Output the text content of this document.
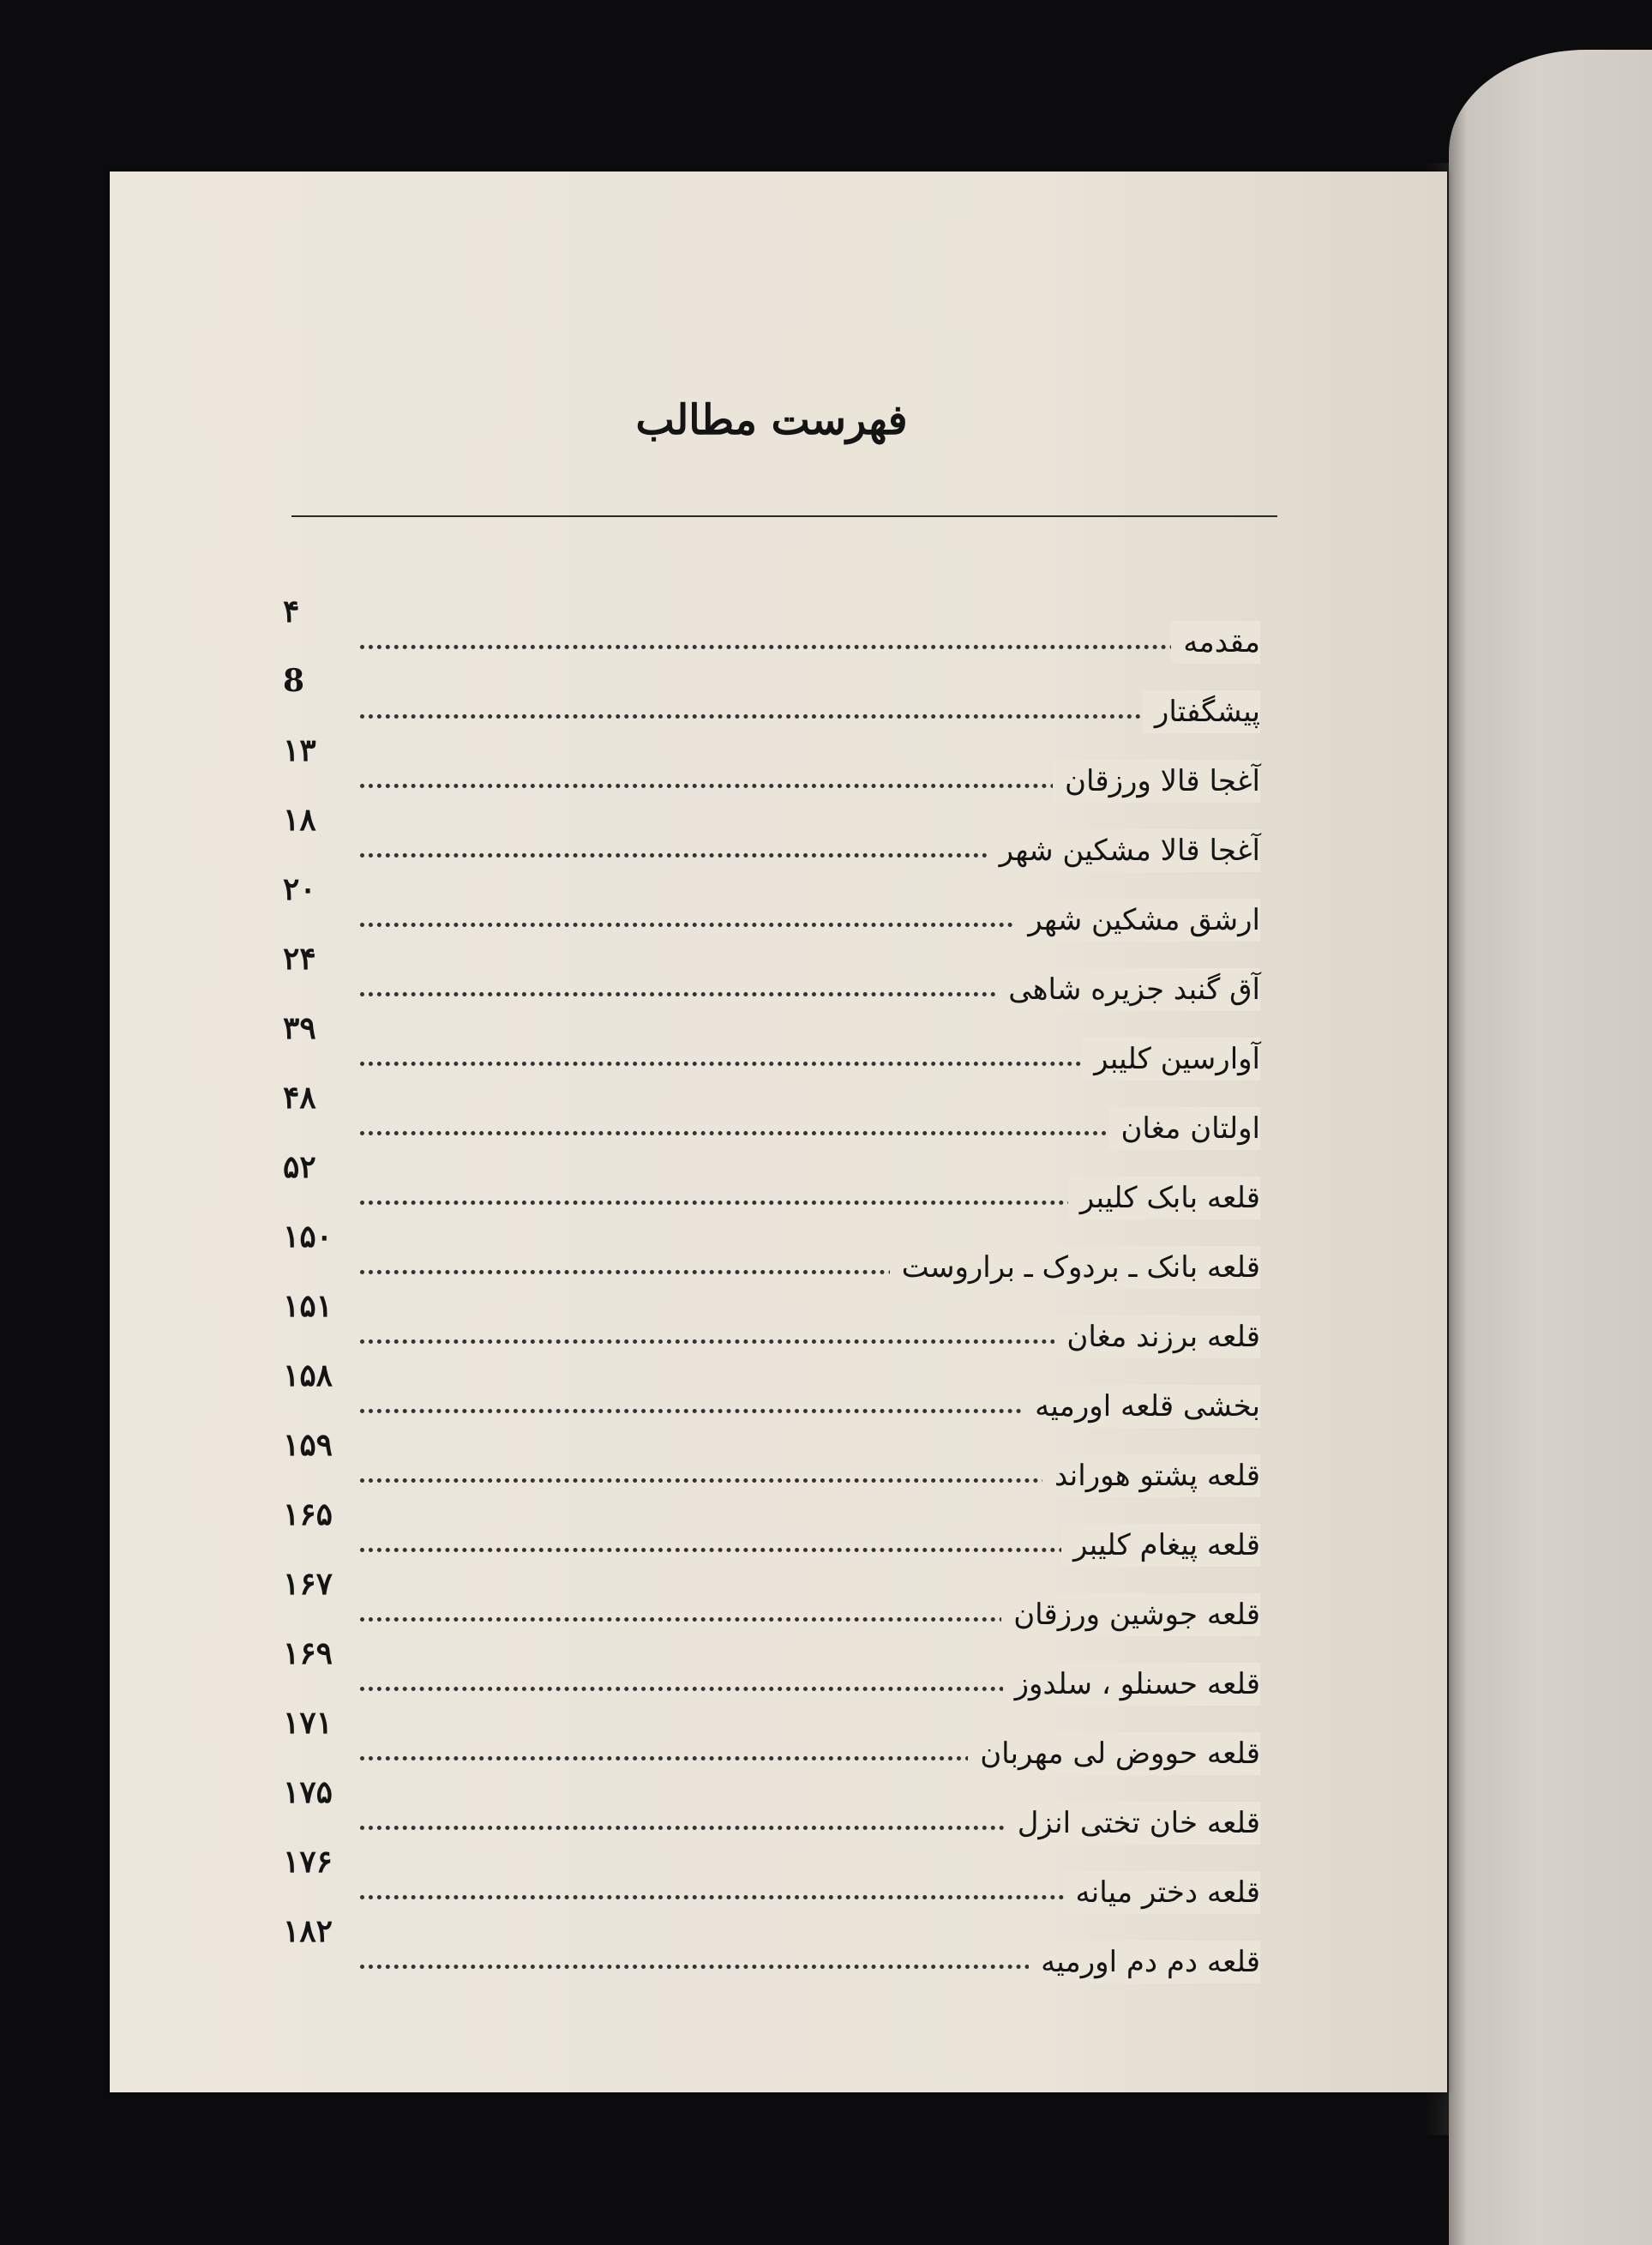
فهرست مطالب
مقدمه
۴
پیشگفتار
8
آغجا قالا ورزقان
۱۳
آغجا قالا مشکین شهر
۱۸
ارشق مشکین شهر
۲۰
آق گنبد جزیره شاهی
۲۴
آوارسین کلیبر
۳۹
اولتان مغان
۴۸
قلعه بابک کلیبر
۵۲
قلعه بانک ـ بردوک ـ براروست
۱۵۰
قلعه برزند مغان
۱۵۱
بخشی قلعه اورمیه
۱۵۸
قلعه پشتو هوراند
۱۵۹
قلعه پیغام کلیبر
۱۶۵
قلعه جوشین ورزقان
۱۶۷
قلعه حسنلو ، سلدوز
۱۶۹
قلعه حووض لی مهربان
۱۷۱
قلعه خان تختی انزل
۱۷۵
قلعه دختر میانه
۱۷۶
قلعه دم دم اورمیه
۱۸۲
